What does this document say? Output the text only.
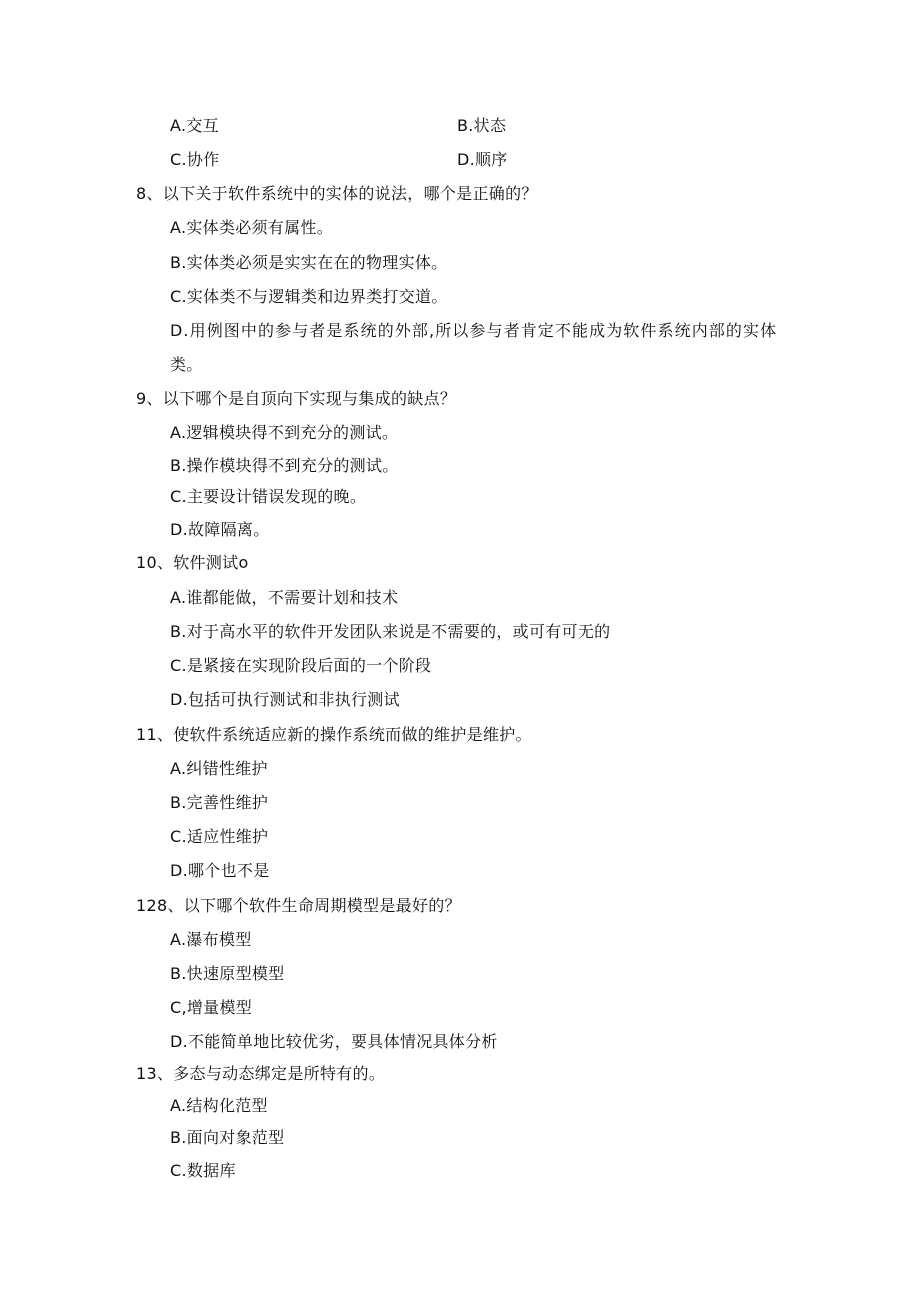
A.交互	B.状态
C.协作	D.顺序
8、以下关于软件系统中的实体的说法，哪个是正确的？
A.实体类必须有属性。
B.实体类必须是实实在在的物理实体。
C.实体类不与逻辑类和边界类打交道。
D.用例图中的参与者是系统的外部,所以参与者肯定不能成为软件系统内部的实体
类。
9、以下哪个是自顶向下实现与集成的缺点？
A.逻辑模块得不到充分的测试。
B.操作模块得不到充分的测试。
C.主要设计错误发现的晚。
D.故障隔离。
10、软件测试o
A.谁都能做，不需要计划和技术
B.对于高水平的软件开发团队来说是不需要的，或可有可无的
C.是紧接在实现阶段后面的一个阶段
D.包括可执行测试和非执行测试
11、使软件系统适应新的操作系统而做的维护是维护。
A.纠错性维护
B.完善性维护
C.适应性维护
D.哪个也不是
128、以下哪个软件生命周期模型是最好的？
A.瀑布模型
B.快速原型模型
C,增量模型
D.不能简单地比较优劣，要具体情况具体分析
13、多态与动态绑定是所特有的。
A.结构化范型
B.面向对象范型
C.数据库
